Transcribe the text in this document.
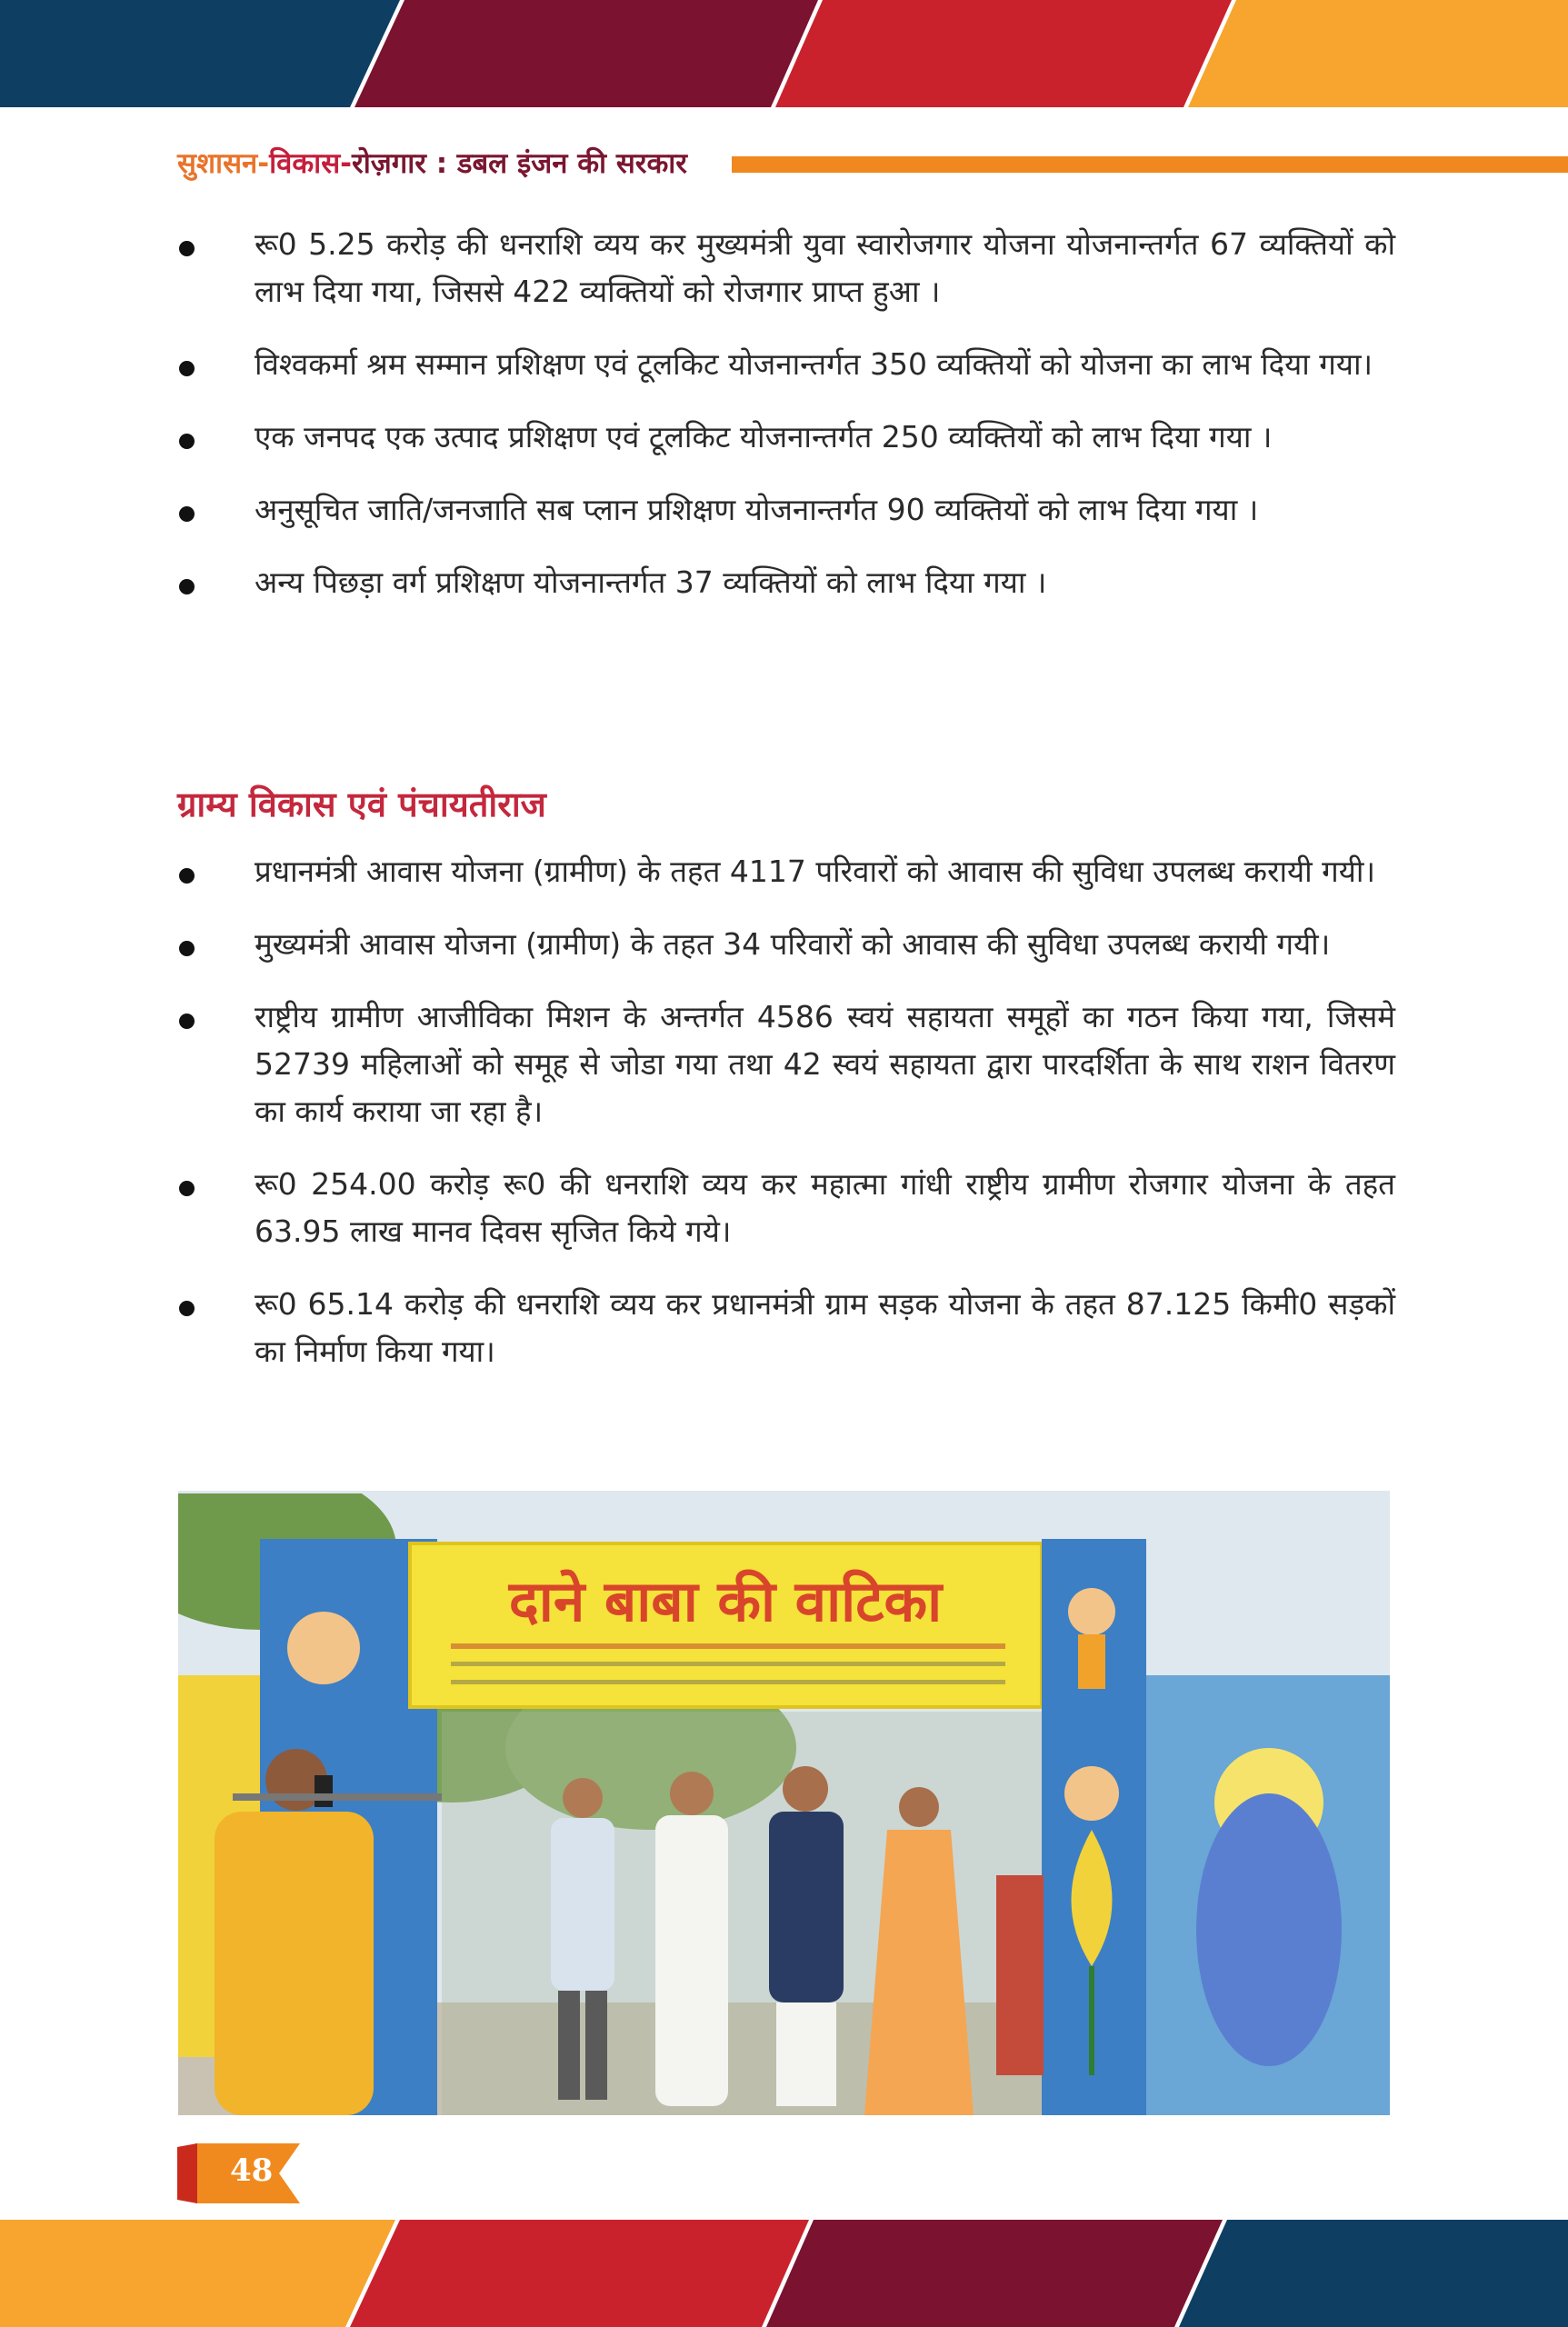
सुशासन-विकास-रोज़गार : डबल इंजन की सरकार
रू0 5.25 करोड़ की धनराशि व्यय कर मुख्यमंत्री युवा स्वारोजगार योजना योजनान्तर्गत 67 व्यक्तियों को लाभ दिया गया, जिससे 422 व्यक्तियों को रोजगार प्राप्त हुआ ।
विश्वकर्मा श्रम सम्मान प्रशिक्षण एवं टूलकिट योजनान्तर्गत 350 व्यक्तियों को योजना का लाभ दिया गया।
एक जनपद एक उत्पाद प्रशिक्षण एवं टूलकिट योजनान्तर्गत 250 व्यक्तियों को लाभ दिया गया ।
अनुसूचित जाति/जनजाति सब प्लान प्रशिक्षण योजनान्तर्गत 90 व्यक्तियों को लाभ दिया गया ।
अन्य पिछड़ा वर्ग प्रशिक्षण योजनान्तर्गत 37 व्यक्तियों को लाभ दिया गया ।
ग्राम्य विकास एवं पंचायतीराज
प्रधानमंत्री आवास योजना (ग्रामीण) के तहत 4117 परिवारों को आवास की सुविधा उपलब्ध करायी गयी।
मुख्यमंत्री आवास योजना (ग्रामीण) के तहत 34 परिवारों को आवास की सुविधा उपलब्ध करायी गयी।
राष्ट्रीय ग्रामीण आजीविका मिशन के अन्तर्गत 4586 स्वयं सहायता समूहों का गठन किया गया, जिसमे 52739 महिलाओं को समूह से जोडा गया तथा 42 स्वयं सहायता द्वारा पारदर्शिता के साथ राशन वितरण का कार्य कराया जा रहा है।
रू0 254.00 करोड़ रू0 की धनराशि व्यय कर महात्मा गांधी राष्ट्रीय ग्रामीण रोजगार योजना के तहत 63.95 लाख मानव दिवस सृजित किये गये।
रू0 65.14 करोड़ की धनराशि व्यय कर प्रधानमंत्री ग्राम सड़क योजना के तहत 87.125 किमी0 सड़कों का निर्माण किया गया।
दाने बाबा की वाटिका
48
